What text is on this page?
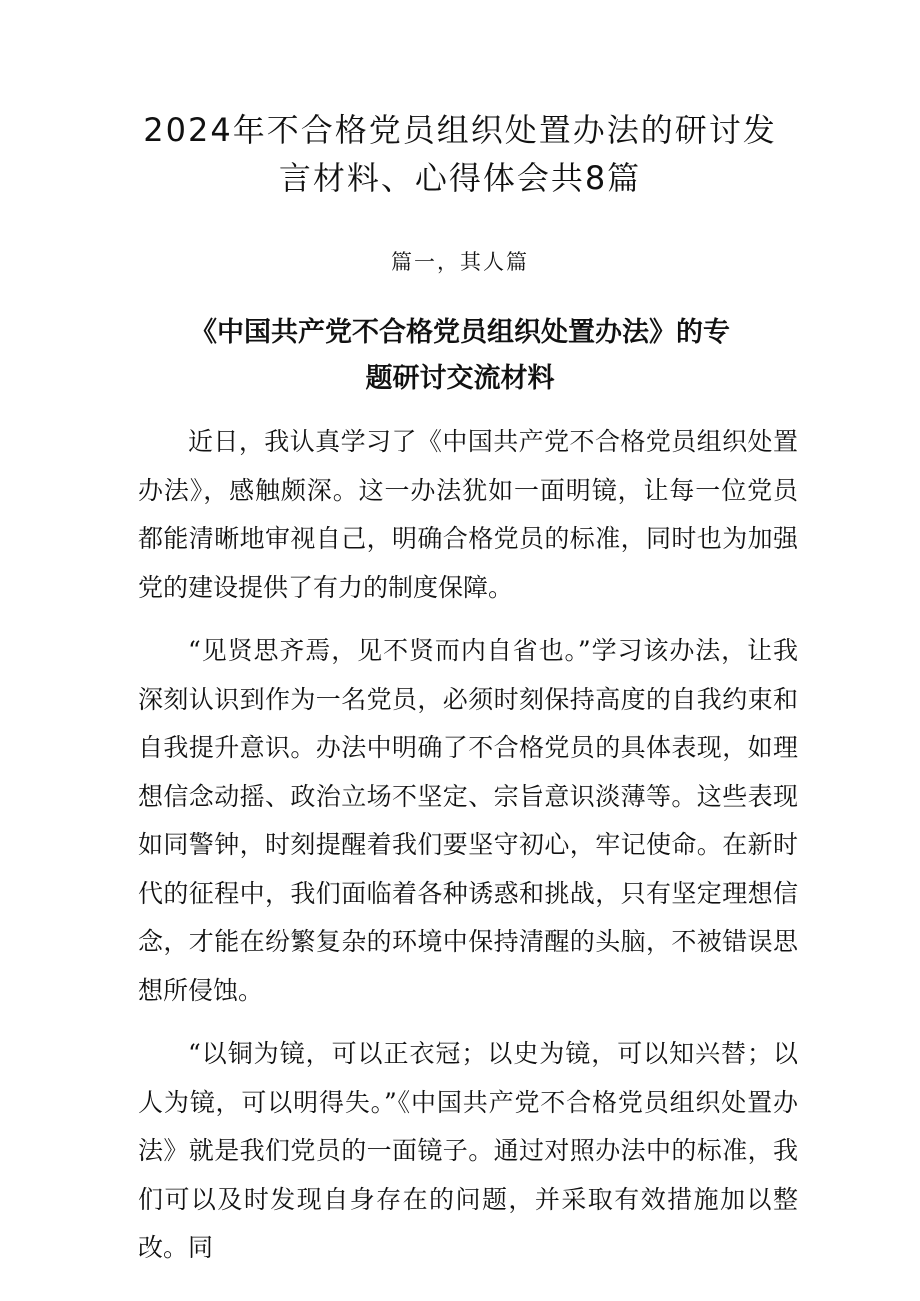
2024年不合格党员组织处置办法的研讨发
言材料、心得体会共8篇
篇一，其人篇
《中国共产党不合格党员组织处置办法》的专
题研讨交流材料

近日，我认真学习了《中国共产党不合格党员组织处置办法》，感触颇深。这一办法犹如一面明镜，让每一位党员都能清晰地审视自己，明确合格党员的标准，同时也为加强党的建设提供了有力的制度保障。

“见贤思齐焉，见不贤而内自省也。”学习该办法，让我深刻认识到作为一名党员，必须时刻保持高度的自我约束和自我提升意识。办法中明确了不合格党员的具体表现，如理想信念动摇、政治立场不坚定、宗旨意识淡薄等。这些表现如同警钟，时刻提醒着我们要坚守初心，牢记使命。在新时代的征程中，我们面临着各种诱惑和挑战，只有坚定理想信念，才能在纷繁复杂的环境中保持清醒的头脑，不被错误思想所侵蚀。

“以铜为镜，可以正衣冠；以史为镜，可以知兴替；以人为镜，可以明得失。”《中国共产党不合格党员组织处置办法》就是我们党员的一面镜子。通过对照办法中的标准，我们可以及时发现自身存在的问题，并采取有效措施加以整改。同
